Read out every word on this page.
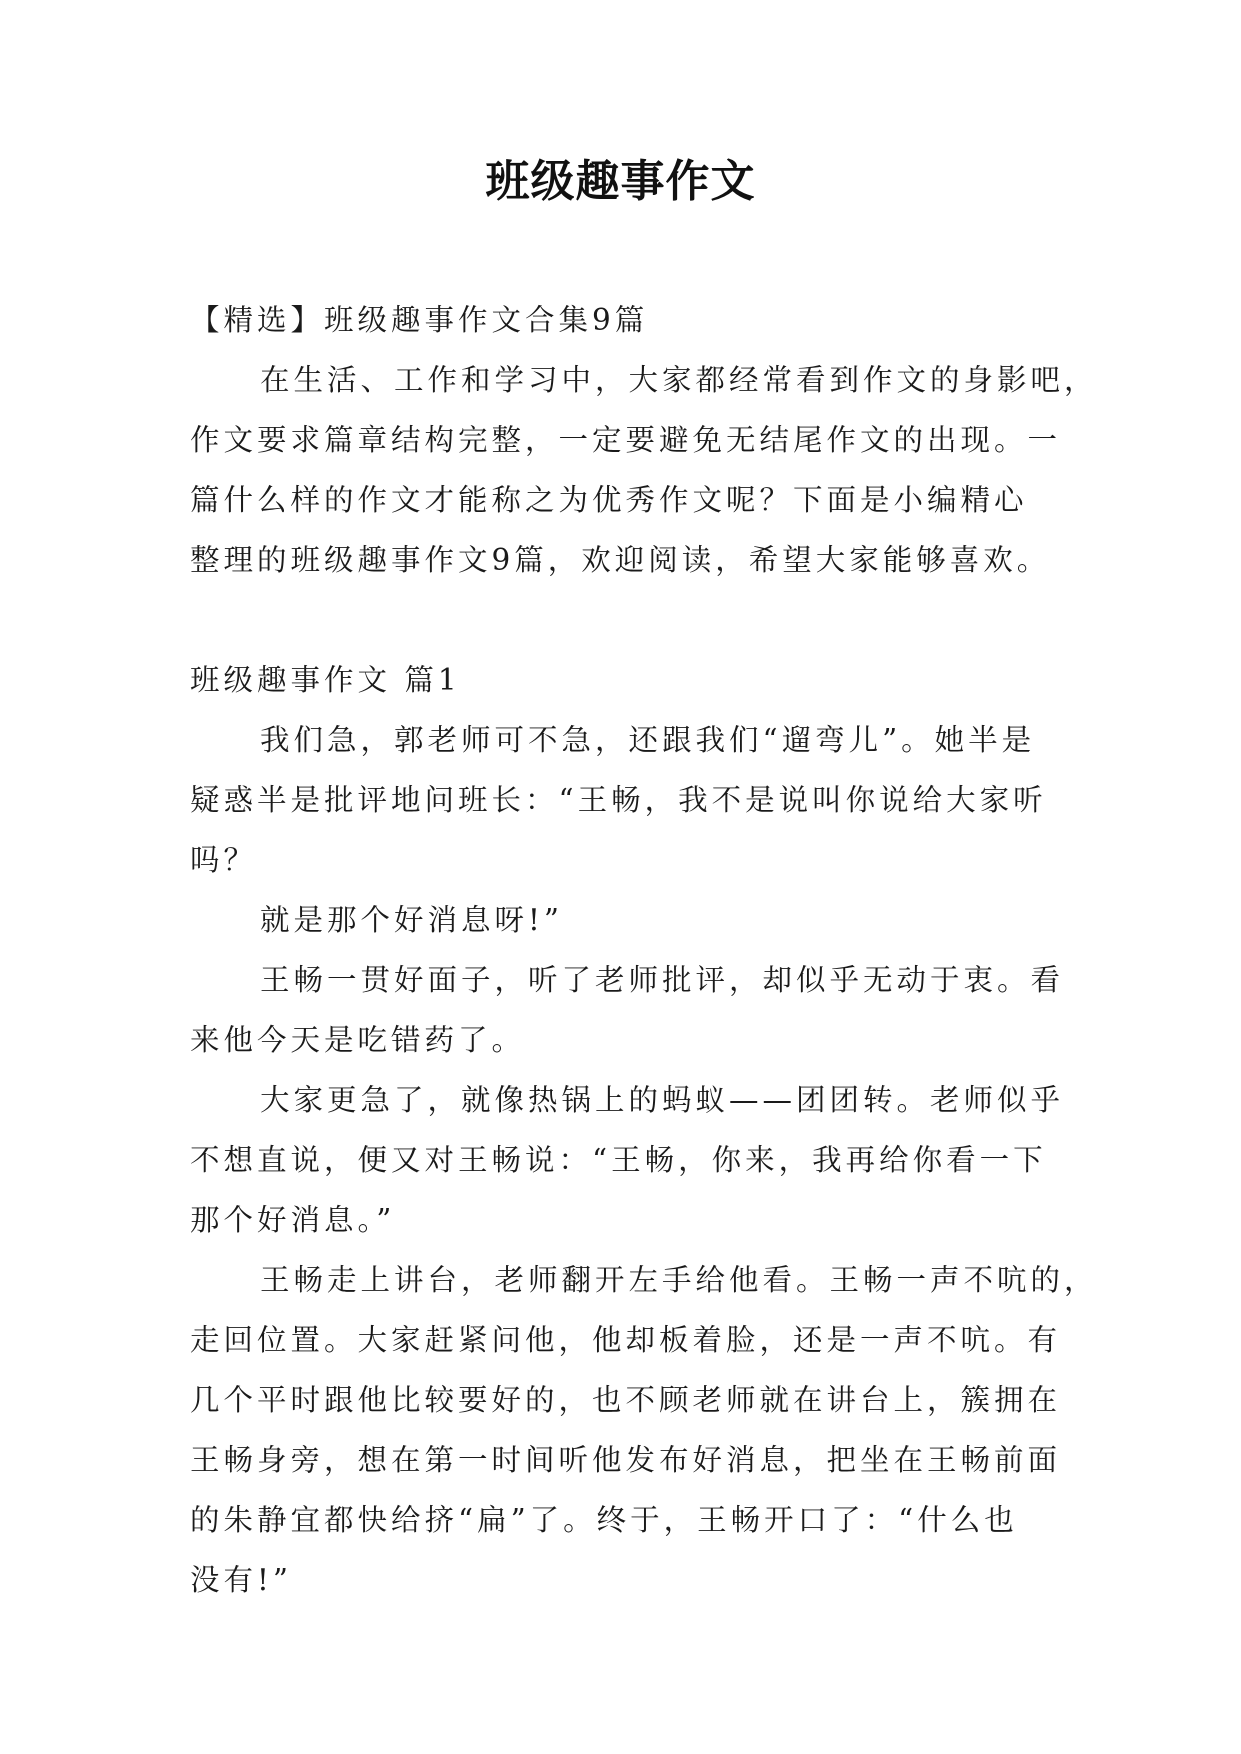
班级趣事作文
【精选】班级趣事作文合集9篇
在生活、工作和学习中，大家都经常看到作文的身影吧，
作文要求篇章结构完整，一定要避免无结尾作文的出现。一
篇什么样的作文才能称之为优秀作文呢？下面是小编精心
整理的班级趣事作文9篇，欢迎阅读，希望大家能够喜欢。
班级趣事作文 篇1
我们急，郭老师可不急，还跟我们“遛弯儿”。她半是
疑惑半是批评地问班长：“王畅，我不是说叫你说给大家听
吗？
就是那个好消息呀!”
王畅一贯好面子，听了老师批评，却似乎无动于衷。看
来他今天是吃错药了。
大家更急了，就像热锅上的蚂蚁——团团转。老师似乎
不想直说，便又对王畅说：“王畅，你来，我再给你看一下
那个好消息。”
王畅走上讲台，老师翻开左手给他看。王畅一声不吭的，
走回位置。大家赶紧问他，他却板着脸，还是一声不吭。有
几个平时跟他比较要好的，也不顾老师就在讲台上，簇拥在
王畅身旁，想在第一时间听他发布好消息，把坐在王畅前面
的朱静宜都快给挤“扁”了。终于，王畅开口了：“什么也
没有!”
